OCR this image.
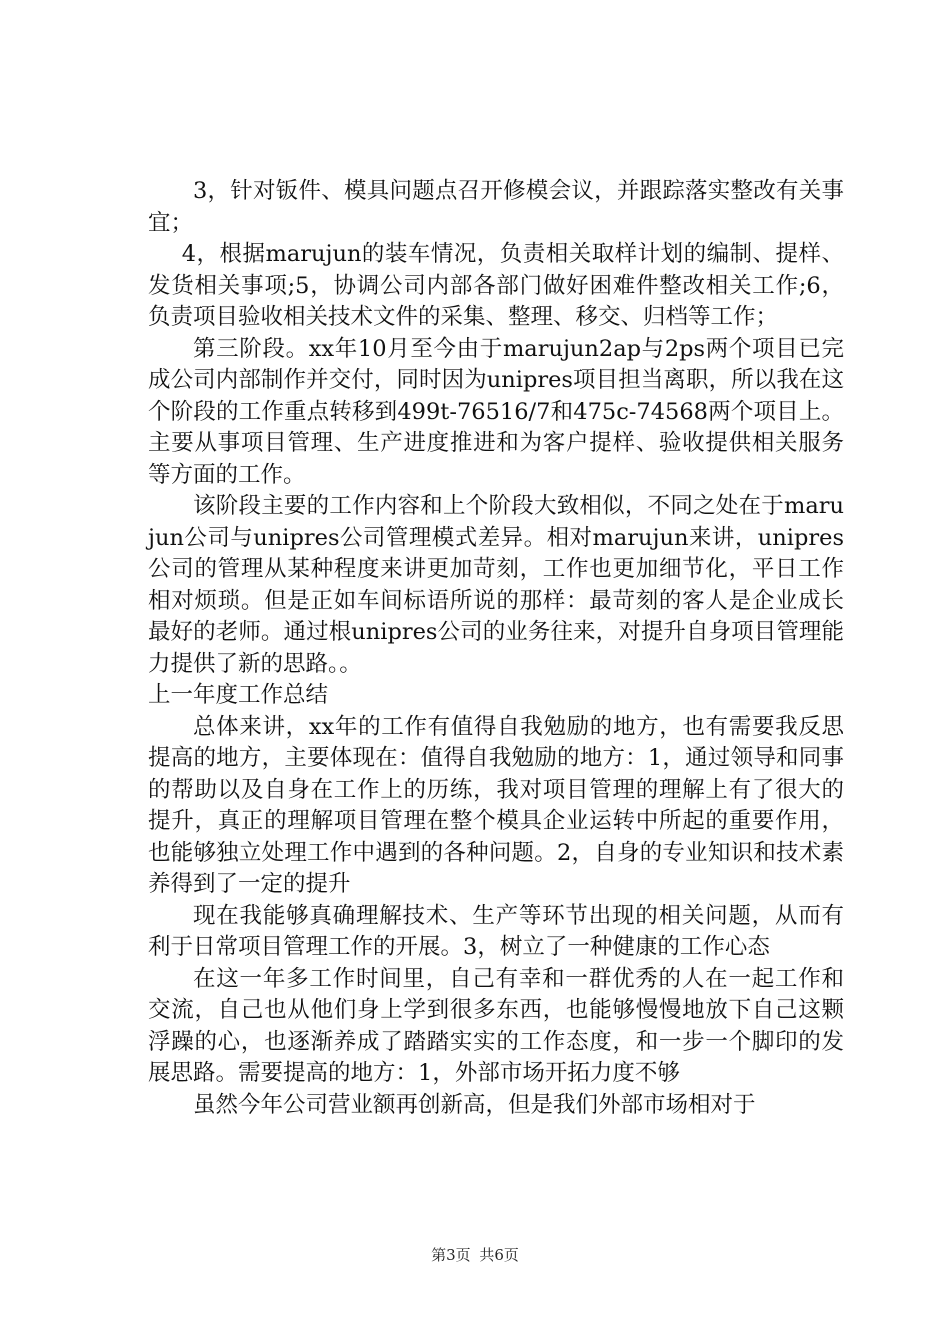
3，针对钣件、模具问题点召开修模会议，并跟踪落实整改有关事宜；

4，根据marujun的装车情况，负责相关取样计划的编制、提样、发货相关事项;5，协调公司内部各部门做好困难件整改相关工作;6，负责项目验收相关技术文件的采集、整理、移交、归档等工作；

第三阶段。xx年10月至今由于marujun2ap与2ps两个项目已完成公司内部制作并交付，同时因为unipres项目担当离职，所以我在这个阶段的工作重点转移到499t-76516/7和475c-74568两个项目上。主要从事项目管理、生产进度推进和为客户提样、验收提供相关服务等方面的工作。

该阶段主要的工作内容和上个阶段大致相似，不同之处在于marujun公司与unipres公司管理模式差异。相对marujun来讲，unipres公司的管理从某种程度来讲更加苛刻，工作也更加细节化，平日工作相对烦琐。但是正如车间标语所说的那样：最苛刻的客人是企业成长最好的老师。通过根unipres公司的业务往来，对提升自身项目管理能力提供了新的思路。。

上一年度工作总结

总体来讲，xx年的工作有值得自我勉励的地方，也有需要我反思提高的地方，主要体现在：值得自我勉励的地方：1，通过领导和同事的帮助以及自身在工作上的历练，我对项目管理的理解上有了很大的提升，真正的理解项目管理在整个模具企业运转中所起的重要作用，也能够独立处理工作中遇到的各种问题。2，自身的专业知识和技术素养得到了一定的提升

现在我能够真确理解技术、生产等环节出现的相关问题，从而有利于日常项目管理工作的开展。3，树立了一种健康的工作心态

在这一年多工作时间里，自己有幸和一群优秀的人在一起工作和交流，自己也从他们身上学到很多东西，也能够慢慢地放下自己这颗浮躁的心，也逐渐养成了踏踏实实的工作态度，和一步一个脚印的发展思路。需要提高的地方：1，外部市场开拓力度不够

虽然今年公司营业额再创新高，但是我们外部市场相对于

第3页 共6页
